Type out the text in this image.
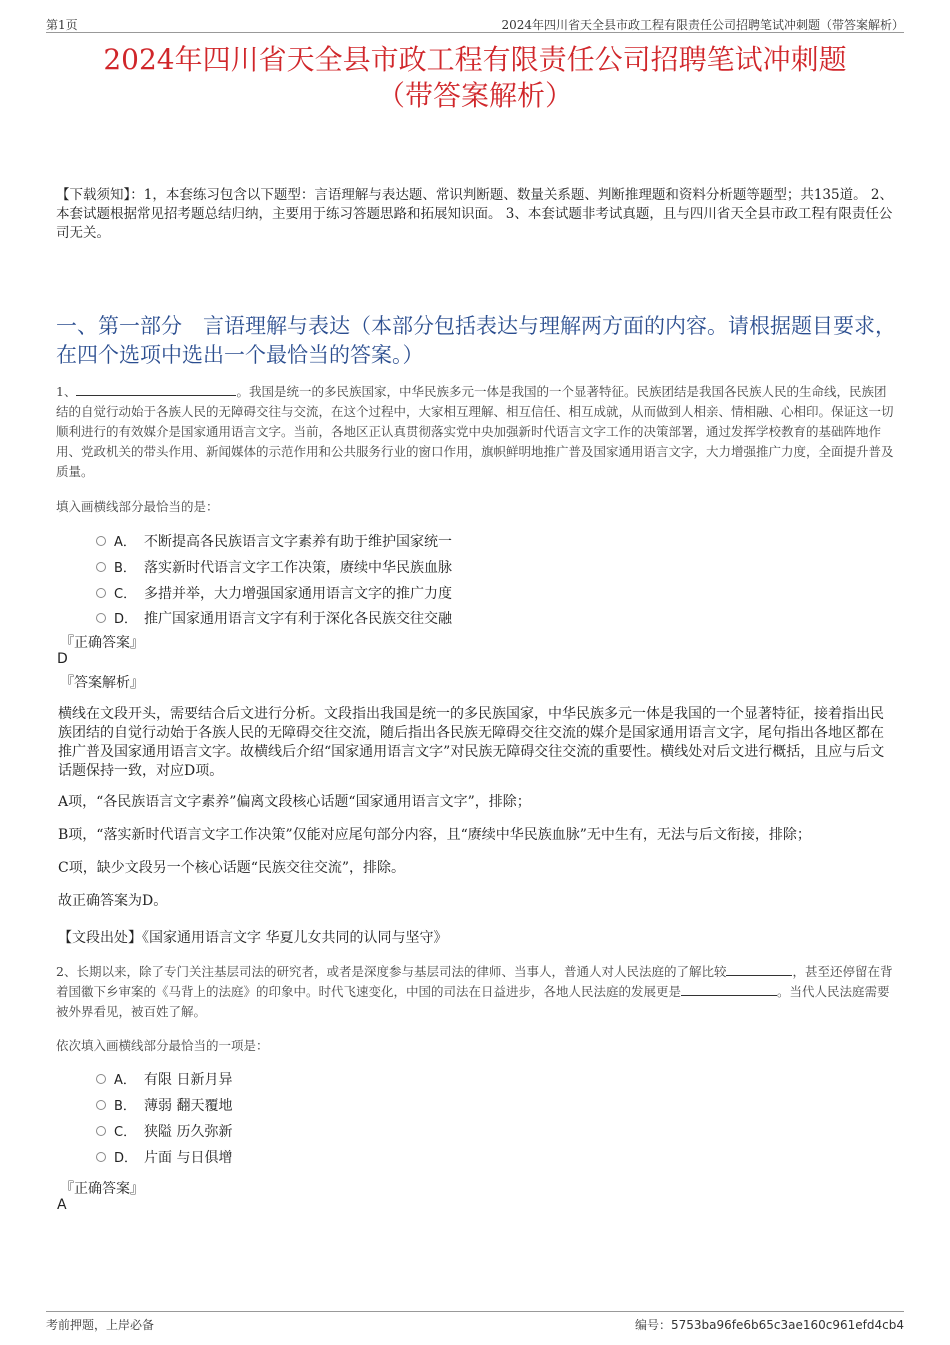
第1页	2024年四川省天全县市政工程有限责任公司招聘笔试冲刺题（带答案解析）
2024年四川省天全县市政工程有限责任公司招聘笔试冲刺题
（带答案解析）
【下载须知】：1，本套练习包含以下题型：言语理解与表达题、常识判断题、数量关系题、判断推理题和资料分析题等题型；共135道。 2、本套试题根据常见招考题总结归纳，主要用于练习答题思路和拓展知识面。 3、本套试题非考试真题，且与四川省天全县市政工程有限责任公司无关。
一、第一部分　言语理解与表达（本部分包括表达与理解两方面的内容。请根据题目要求，在四个选项中选出一个最恰当的答案。）
1、	。我国是统一的多民族国家，中华民族多元一体是我国的一个显著特征。民族团结是我国各民族人民的生命线，民族团结的自觉行动始于各族人民的无障碍交往与交流，在这个过程中，大家相互理解、相互信任、相互成就，从而做到人相亲、情相融、心相印。保证这一切顺利进行的有效媒介是国家通用语言文字。当前，各地区正认真贯彻落实党中央加强新时代语言文字工作的决策部署，通过发挥学校教育的基础阵地作用、党政机关的带头作用、新闻媒体的示范作用和公共服务行业的窗口作用，旗帜鲜明地推广普及国家通用语言文字，大力增强推广力度，全面提升普及质量。
填入画横线部分最恰当的是：
A． 不断提高各民族语言文字素养有助于维护国家统一
B． 落实新时代语言文字工作决策，赓续中华民族血脉
C． 多措并举，大力增强国家通用语言文字的推广力度
D． 推广国家通用语言文字有利于深化各民族交往交融
『正确答案』
D
『答案解析』
横线在文段开头，需要结合后文进行分析。文段指出我国是统一的多民族国家，中华民族多元一体是我国的一个显著特征，接着指出民族团结的自觉行动始于各族人民的无障碍交往交流，随后指出各民族无障碍交往交流的媒介是国家通用语言文字，尾句指出各地区都在推广普及国家通用语言文字。故横线后介绍“国家通用语言文字”对民族无障碍交往交流的重要性。横线处对后文进行概括，且应与后文话题保持一致，对应D项。
A项，“各民族语言文字素养”偏离文段核心话题“国家通用语言文字”，排除；
B项，“落实新时代语言文字工作决策”仅能对应尾句部分内容，且“赓续中华民族血脉”无中生有，无法与后文衔接，排除；
C项，缺少文段另一个核心话题“民族交往交流”，排除。
故正确答案为D。
【文段出处】《国家通用语言文字 华夏儿女共同的认同与坚守》
2、长期以来，除了专门关注基层司法的研究者，或者是深度参与基层司法的律师、当事人，普通人对人民法庭的了解比较	，甚至还停留在背着国徽下乡审案的《马背上的法庭》的印象中。时代飞速变化，中国的司法在日益进步，各地人民法庭的发展更是	。当代人民法庭需要被外界看见，被百姓了解。
依次填入画横线部分最恰当的一项是：
A． 有限 日新月异
B． 薄弱 翻天覆地
C． 狭隘 历久弥新
D． 片面 与日俱增
『正确答案』
A
考前押题，上岸必备	编号：5753ba96fe6b65c3ae160c961efd4cb4
